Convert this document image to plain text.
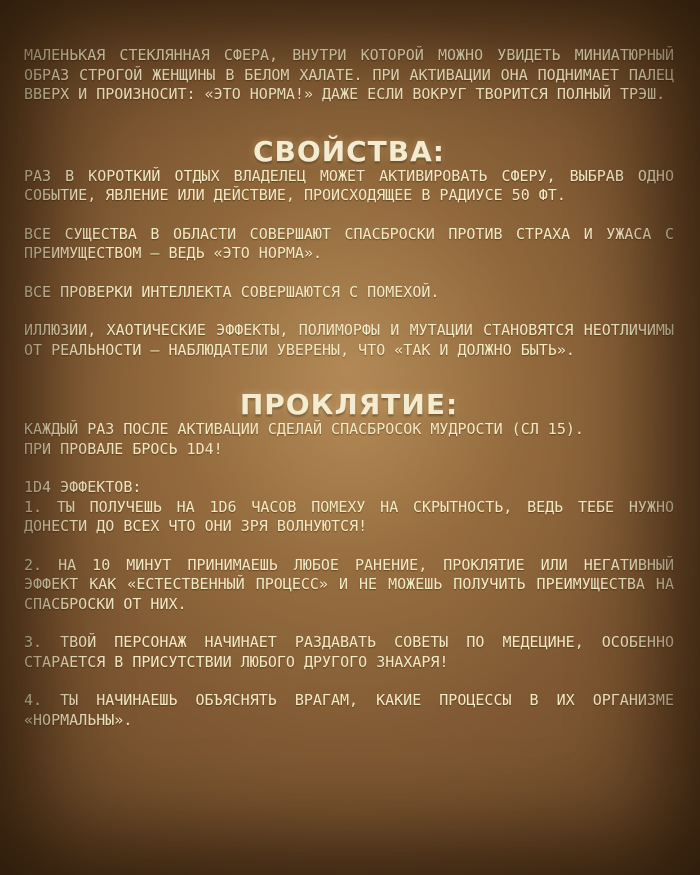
МАЛЕНЬКАЯ СТЕКЛЯННАЯ СФЕРА, ВНУТРИ КОТОРОЙ МОЖНО УВИДЕТЬ МИНИАТЮРНЫЙ ОБРАЗ СТРОГОЙ ЖЕНЩИНЫ В БЕЛОМ ХАЛАТЕ. ПРИ АКТИВАЦИИ ОНА ПОДНИМАЕТ ПАЛЕЦ ВВЕРХ И ПРОИЗНОСИТ: «ЭТО НОРМА!» ДАЖЕ ЕСЛИ ВОКРУГ ТВОРИТСЯ ПОЛНЫЙ ТРЭШ.

СВОЙСТВА:

РАЗ В КОРОТКИЙ ОТДЫХ ВЛАДЕЛЕЦ МОЖЕТ АКТИВИРОВАТЬ СФЕРУ, ВЫБРАВ ОДНО СОБЫТИЕ, ЯВЛЕНИЕ ИЛИ ДЕЙСТВИЕ, ПРОИСХОДЯЩЕЕ В РАДИУСЕ 50 ФТ.

ВСЕ СУЩЕСТВА В ОБЛАСТИ СОВЕРШАЮТ СПАСБРОСКИ ПРОТИВ СТРАХА И УЖАСА С ПРЕИМУЩЕСТВОМ — ВЕДЬ «ЭТО НОРМА».

ВСЕ ПРОВЕРКИ ИНТЕЛЛЕКТА СОВЕРШАЮТСЯ С ПОМЕХОЙ.

ИЛЛЮЗИИ, ХАОТИЧЕСКИЕ ЭФФЕКТЫ, ПОЛИМОРФЫ И МУТАЦИИ СТАНОВЯТСЯ НЕОТЛИЧИМЫ ОТ РЕАЛЬНОСТИ — НАБЛЮДАТЕЛИ УВЕРЕНЫ, ЧТО «ТАК И ДОЛЖНО БЫТЬ».

ПРОКЛЯТИЕ:

КАЖДЫЙ РАЗ ПОСЛЕ АКТИВАЦИИ СДЕЛАЙ СПАСБРОСОК МУДРОСТИ (СЛ 15).

ПРИ ПРОВАЛЕ БРОСЬ 1D4!

1D4 ЭФФЕКТОВ:

1. ТЫ ПОЛУЧЕШЬ НА 1D6 ЧАСОВ ПОМЕХУ НА СКРЫТНОСТЬ, ВЕДЬ ТЕБЕ НУЖНО ДОНЕСТИ ДО ВСЕХ ЧТО ОНИ ЗРЯ ВОЛНУЮТСЯ!

2. НА 10 МИНУТ ПРИНИМАЕШЬ ЛЮБОЕ РАНЕНИЕ, ПРОКЛЯТИЕ ИЛИ НЕГАТИВНЫЙ ЭФФЕКТ КАК «ЕСТЕСТВЕННЫЙ ПРОЦЕСС» И НЕ МОЖЕШЬ ПОЛУЧИТЬ ПРЕИМУЩЕСТВА НА СПАСБРОСКИ ОТ НИХ.

3. ТВОЙ ПЕРСОНАЖ НАЧИНАЕТ РАЗДАВАТЬ СОВЕТЫ ПО МЕДЕЦИНЕ, ОСОБЕННО СТАРАЕТСЯ В ПРИСУТСТВИИ ЛЮБОГО ДРУГОГО ЗНАХАРЯ!

4. ТЫ НАЧИНАЕШЬ ОБЪЯСНЯТЬ ВРАГАМ, КАКИЕ ПРОЦЕССЫ В ИХ ОРГАНИЗМЕ «НОРМАЛЬНЫ».
